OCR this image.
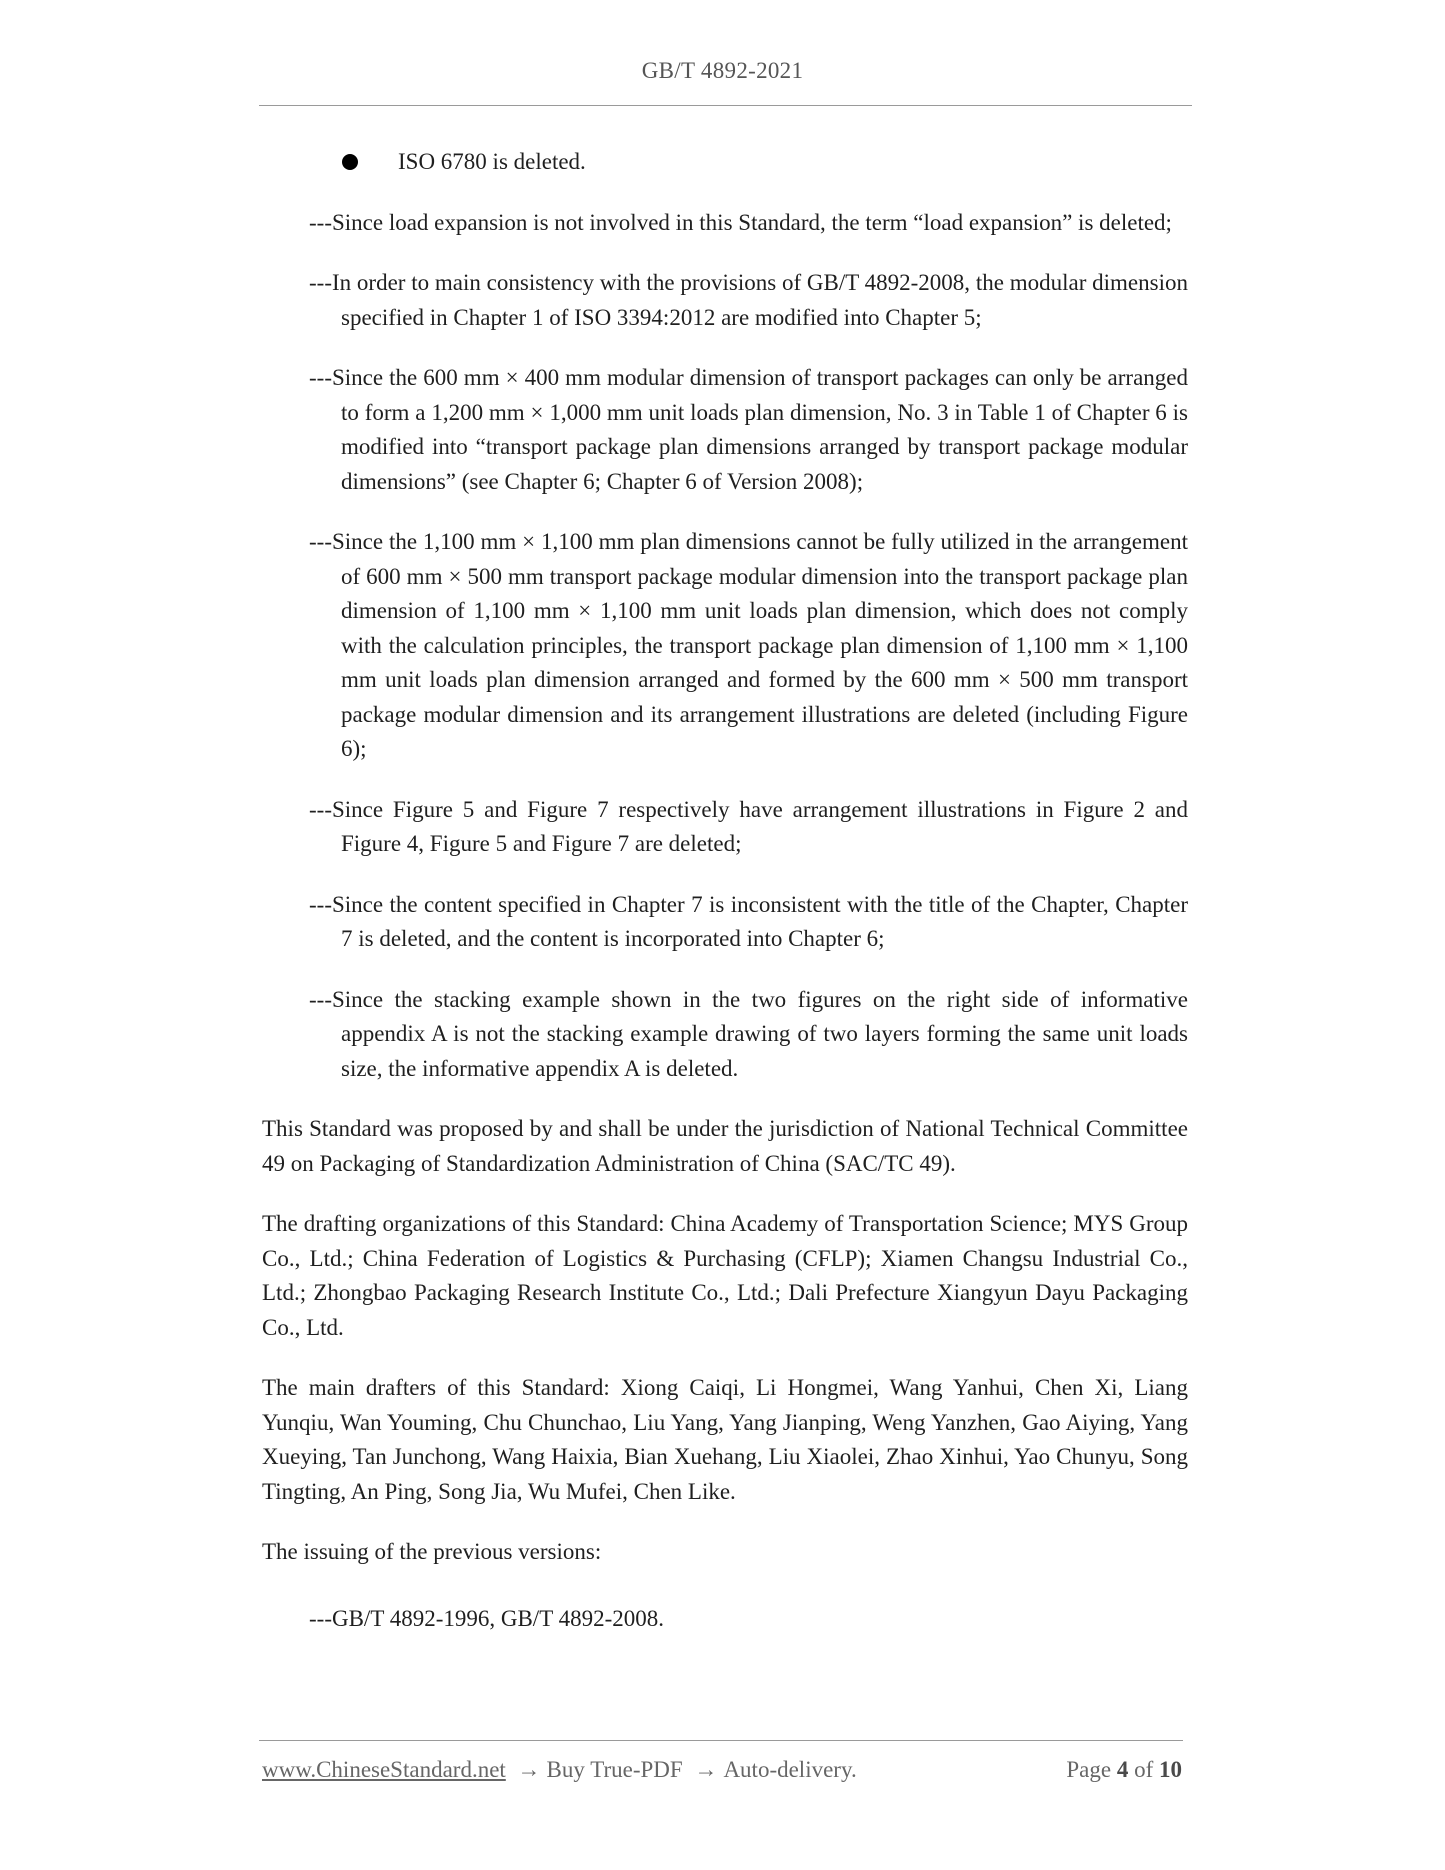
GB/T 4892-2021
ISO 6780 is deleted.
---Since load expansion is not involved in this Standard, the term “load expansion” is deleted;
---In order to main consistency with the provisions of GB/T 4892-2008, the modular dimension specified in Chapter 1 of ISO 3394:2012 are modified into Chapter 5;
---Since the 600 mm × 400 mm modular dimension of transport packages can only be arranged to form a 1,200 mm × 1,000 mm unit loads plan dimension, No. 3 in Table 1 of Chapter 6 is modified into “transport package plan dimensions arranged by transport package modular dimensions” (see Chapter 6; Chapter 6 of Version 2008);
---Since the 1,100 mm × 1,100 mm plan dimensions cannot be fully utilized in the arrangement of 600 mm × 500 mm transport package modular dimension into the transport package plan dimension of 1,100 mm × 1,100 mm unit loads plan dimension, which does not comply with the calculation principles, the transport package plan dimension of 1,100 mm × 1,100 mm unit loads plan dimension arranged and formed by the 600 mm × 500 mm transport package modular dimension and its arrangement illustrations are deleted (including Figure 6);
---Since Figure 5 and Figure 7 respectively have arrangement illustrations in Figure 2 and Figure 4, Figure 5 and Figure 7 are deleted;
---Since the content specified in Chapter 7 is inconsistent with the title of the Chapter, Chapter 7 is deleted, and the content is incorporated into Chapter 6;
---Since the stacking example shown in the two figures on the right side of informative appendix A is not the stacking example drawing of two layers forming the same unit loads size, the informative appendix A is deleted.
This Standard was proposed by and shall be under the jurisdiction of National Technical Committee 49 on Packaging of Standardization Administration of China (SAC/TC 49).
The drafting organizations of this Standard: China Academy of Transportation Science; MYS Group Co., Ltd.; China Federation of Logistics & Purchasing (CFLP); Xiamen Changsu Industrial Co., Ltd.; Zhongbao Packaging Research Institute Co., Ltd.; Dali Prefecture Xiangyun Dayu Packaging Co., Ltd.
The main drafters of this Standard: Xiong Caiqi, Li Hongmei, Wang Yanhui, Chen Xi, Liang Yunqiu, Wan Youming, Chu Chunchao, Liu Yang, Yang Jianping, Weng Yanzhen, Gao Aiying, Yang Xueying, Tan Junchong, Wang Haixia, Bian Xuehang, Liu Xiaolei, Zhao Xinhui, Yao Chunyu, Song Tingting, An Ping, Song Jia, Wu Mufei, Chen Like.
The issuing of the previous versions:
---GB/T 4892-1996, GB/T 4892-2008.
www.ChineseStandard.net → Buy True-PDF → Auto-delivery.	Page 4 of 10
